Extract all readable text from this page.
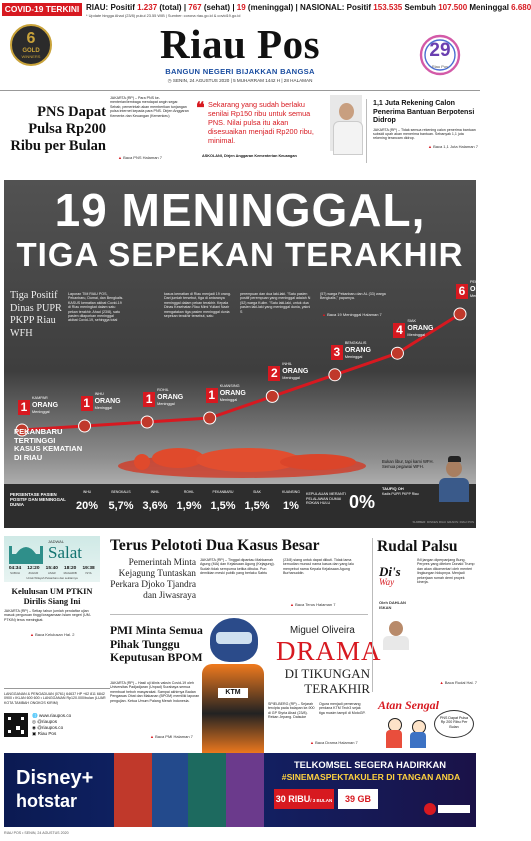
COVID-19 TERKINI RIAU: Positif 1.237 (total) | 767 (sehat) | 19 (meninggal) | NASIONAL: Positif 153.535 Sembuh 107.500 Meninggal 6.680
* Update hingga Ahad (23/8) pukul 23.55 WIB | Sumber: corona riau.go.id & covid19.go.id
6
GOLD
WINNERS	Riau Pos
BANGUN NEGERI BIJAKKAN BANGSA
◷ SENIN, 24 AGUSTUS 2020 | 5 MUHARRAM 1442 H | 28 HALAMAN
29
Riau Pos
PNS Dapat Pulsa Rp200 Ribu per Bulan
JAKARTA (RP) – Para PNS ke-menterian/lembaga mendapat angin segar. Sebab, pemerintah akan memberikan tunjangan pulsa internet kepada para PNS. Dirjen Anggaran Kemente-rian Keuangan (Kemenkeu)
▲ Baca PNS Halaman 7
❝ Sekarang yang sudah berlaku senilai Rp150 ribu untuk semua PNS. Nilai pulsa itu akan disesuaikan menjadi Rp200 ribu, minimal.
ASKOLANI, Dirjen Anggaran Kementerian Keuangan
1,1 Juta Rekening Calon Penerima Bantuan Berpotensi Didrop
JAKARTA (RP) – Tidak semua rekening calon penerima bantuan subsidi upah akan menerima bantuan. Sebanyak 1,1 juta rekening terancam didrop.
▲ Baca 1,1 Juta Halaman 7
19 MENINGGAL,
TIGA SEPEKAN TERAKHIR
Tiga Positif Dinas PUPR PKPP Riau WFH
Laporan TIM RIAU POS, Pekanbaru, Dumai, dan Bengkalis. KASUS kematian akibat Covid-19 di Riau meningkat dalam satu pekan terakhir. Ahad (23/8), satu pasien dilaporkan meninggal akibat Covid-19, sehingga total
kasus kematian di Riau menjadi 19 orang. Dari jumlah tersebut, tiga di antaranya meninggal dalam pekan terakhir. Kepala Dinas Kesehatan Riau Mimi Yuliani Nazir mengatakan tiga pasien meninggal dunia sepekan terakhir tersebut, satu
perempuan dan dua laki-laki. "Satu pasien positif perempuan yang meninggal adalah N (52) warga Kulim. "Satu laki-laki, untuk dua pasien laki-laki yang meninggal dunia, yakni S
(57) warga Pekanbaru dan AL (33) warga Bengkalis," paparnya.
▲ Baca 19 Meninggal Halaman 7
1
KAMPAR
ORANG
Meninggal
1
INHU
ORANG
Meninggal
1
ROHIL
ORANG
Meninggal
1
KUANSING
ORANG
Meninggal
2
INHIL
ORANG
Meninggal
3
BENGKALIS
ORANG
Meninggal
4
SIAK
ORANG
Meninggal
6
PEKANBARU
ORANG
Meninggal
PEKANBARU TERTINGGI KASUS KEMATIAN DI RIAU
PERSENTASE PASIEN POSITIF DAN MENINGGAL DUNIA
INHU
20%
BENGKALIS
5,7%
INHIL
3,6%
ROHIL
1,9%
PEKANBARU
1,5%
SIAK
1,5%
KUANSING
1%
KEPULAUAN MERANTI PELALAWAN DUMAI ROKAN HULU	0%
Bukan libur, tapi kami WFH. Semua pegawai WFH.
TAUFIQ OH
Kadis PUPR PKPP Riau
SUMBER: DISKES RIAU GRAFIS: RIAU POS
JADWAL
Salat
04:34
SUBUH
12:20
ZUHUR
15:40
ASAR
18:20
MAGHRIB
19:38
ISYA
Untuk Wilayah Pekanbaru dan sekitarnya
Kelulusan UM PTKIN Dirilis Siang Ini
JAKARTA (RP) – Setiap tahun jumlah pendaftar ujian masuk perguruan tinggi keagamaan Islam negeri (UM-PTKIN) terus meningkat.
▲ Baca Kelulusan Hal. 2
LANGGANAN & PENGADUAN (0761) 64637 HP +62 811 6842 0900 • IKLAN 600 600 • LANGGANAN Rp120.000/bulan (LUAR KOTA TAMBAH ONGKOS KIRIM)
🌐 www.riaupos.co
◎ @riaupos
◉ @riaupos.co
▣ Riau Pos
Terus Pelototi Dua Kasus Besar
Pemerintah Minta Kejagung Tuntaskan Perkara Djoko Tjandra dan Jiwasraya
JAKARTA (RP) – Tinggal dipantau Mahkamah Agung (MA) dan Kejaksaan Agung (Kejagung). Sudah tidak sempurna ketika dibuka. Pun demikian meski publik yang berlaku Sabtu (23/8) siang untuk dapat diikuti. Tidak lama kemudian muncul nama kasus dan yang lalu menyebut nama Kepala Kejaksaan Agung Burhanuddin.
▲ Baca Terus Halaman 7
PMI Minta Semua Pihak Tunggu Keputusan BPOM
JAKARTA (RP) – Hasil uji klinis vaksin Covid-19 oleh Universitas Padjadjaran (Unpad) Surabaya semua membuat heboh masyarakat. Sampai akhirnya Badan Pengawas Obat dan Makanan (BPOM) memiliki laporan pengujian. Ketua Umum Palang Merah Indonesia.
▲ Baca PMI Halaman 7
KTM
Miguel Oliveira
DRAMA
DI TIKUNGAN
TERAKHIR
SPIELBERG (RP) – Sejarah tercipta pada balapan ke-900 di GP Styria Ahad (23/8). Rekan Jepang. Daisuke Ogura menjadi pemenang perdana KTM Tech3 sejak tiga musim tampil di MotoGP.
▲ Baca Drama Halaman 7
Rudal Palsu
Di's
Way
Oleh DAHLAN ISKAN
INI jangan diperpanjang Bung. Perpres yang diteken Donald Trump dan akan dikomentari oleh menteri lingkungan hidupnya. Menjadi pekerjaan rumah demi proyek kinerja.
▲ Baca Rudal Hal. 7
Atan Sengal
PNS Dapat Pulsa Rp 200 Ribu Per Bulan
Disney+
hotstar
TELKOMSEL SEGERA HADIRKAN
#SINEMASPEKTAKULER DI TANGAN ANDA
30 RIBU/ 3 BULAN	39 GB
RIAU POS • SENIN, 24 AGUSTUS 2020
